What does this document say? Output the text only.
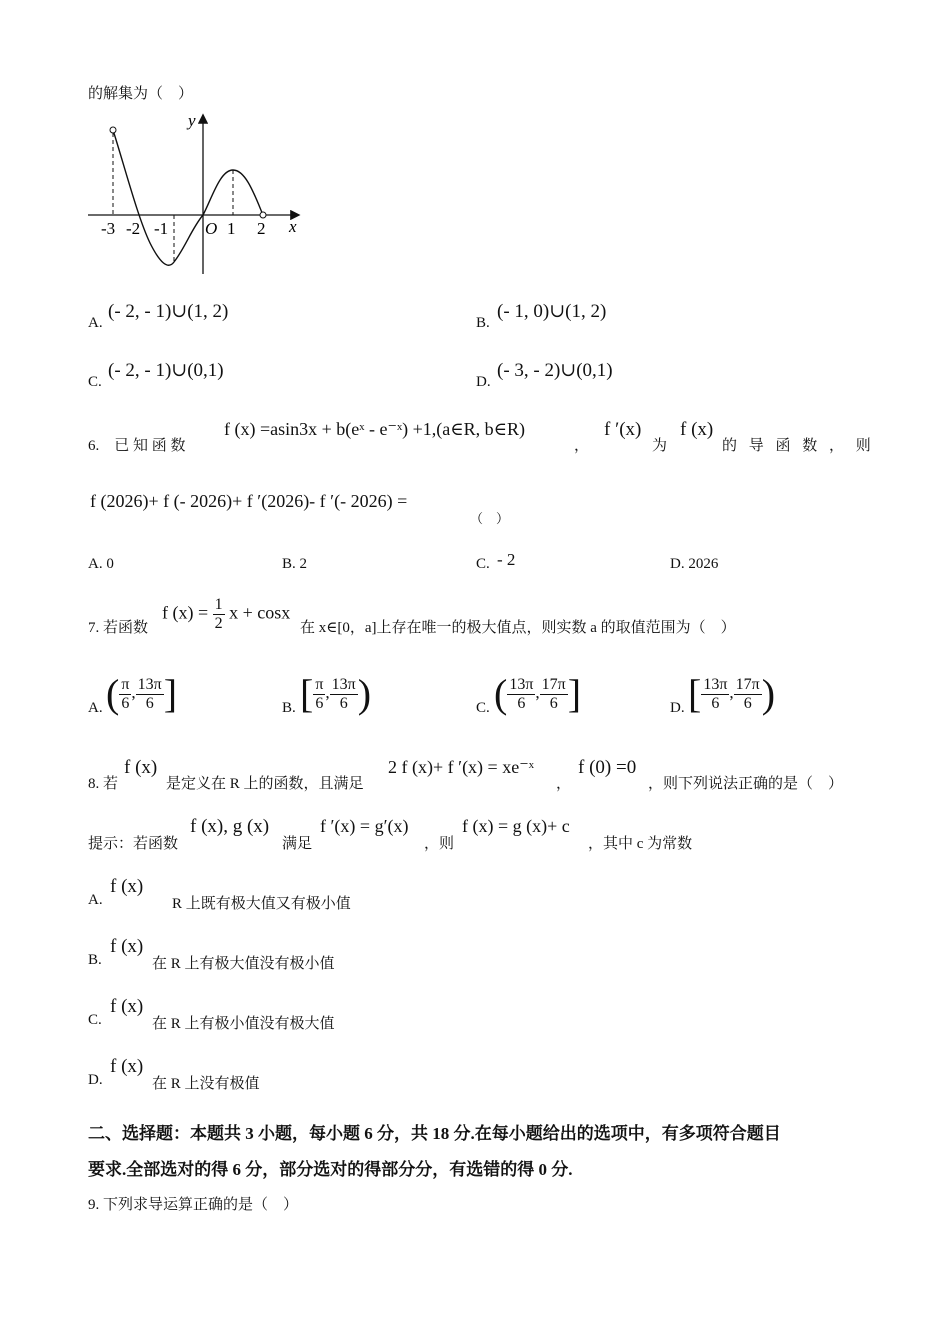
的解集为（　）
-3 -2 -1 O 1 2 x
y
A.
(- 2, - 1)∪(1, 2)
B.
(- 1, 0)∪(1, 2)
C.
(- 2, - 1)∪(0,1)
D.
(- 3, - 2)∪(0,1)
6.　已 知 函 数
f (x) =asin3x + b(eˣ - e⁻ˣ) +1,(a∈R, b∈R)
，
f ′(x)
为
f (x)
的 导 函 数 ， 则
f (2026)+ f (- 2026)+ f ′(2026)- f ′(- 2026) =
（　）
A. 0	B. 2	C. - 2	D. 2026
7. 若函数
f $(x) = \frac{1}{2}$ x + cosx
在 x∈[0，a]上存在唯一的极大值点，则实数 a 的取值范围为（　）
A. ( $\frac{\pi}{6}$ , $\frac{13\pi}{6}$ ]	B. [ $\frac{\pi}{6}$ , $\frac{13\pi}{6}$ )	C. ( $\frac{13\pi}{6}$ , $\frac{17\pi}{6}$ ]	D. [ $\frac{13\pi}{6}$ , $\frac{17\pi}{6}$ )
8. 若
f (x)
是定义在 R 上的函数，且满足
2 f (x)+ f ′(x) = xe⁻ˣ
，
f (0) =0
，则下列说法正确的是（　）
提示：若函数
f (x), g (x)
满足
f ′(x) = g′(x)
，则
f (x) = g (x)+ c
，其中 c 为常数
A.
f (x)
R 上既有极大值又有极小值
B.
f (x)
在 R 上有极大值没有极小值
C.
f (x)
在 R 上有极小值没有极大值
D.
f (x)
在 R 上没有极值
二、选择题：本题共 3 小题，每小题 6 分，共 18 分.在每小题给出的选项中，有多项符合题目
要求.全部选对的得 6 分，部分选对的得部分分，有选错的得 0 分.
9. 下列求导运算正确的是（　）
